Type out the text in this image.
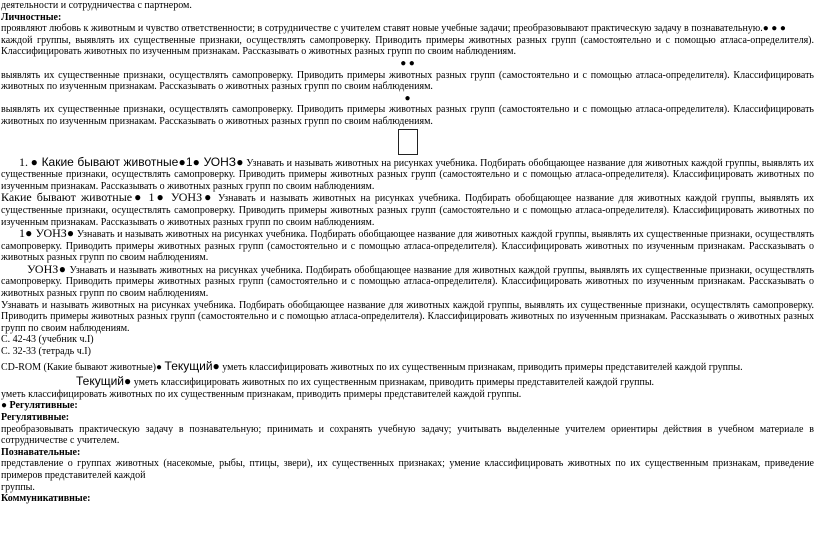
деятельности и сотрудничества с партнером.

Личностные:

проявляют любовь к животным и чувство ответственности; в сотрудничестве с учителем ставят новые учебные задачи; преобразовывают практическую задачу в познавательную.● ● ●

каждой группы, выявлять их существенные признаки, осуществлять самопроверку. Приводить примеры животных разных групп (самостоятельно и с помощью атласа-определителя). Классифицировать животных по изученным признакам. Рассказывать о животных разных групп по своим наблюдениям.

● ●

выявлять их существенные признаки, осуществлять самопроверку. Приводить примеры животных разных групп (самостоятельно и с помощью атласа-определителя). Классифицировать животных по изученным признакам. Рассказывать о животных разных групп по своим наблюдениям.

●

выявлять их существенные признаки, осуществлять самопроверку. Приводить примеры животных разных групп (самостоятельно и с помощью атласа-определителя). Классифицировать животных по изученным признакам. Рассказывать о животных разных групп по своим наблюдениям.

1. ● Какие бывают животные●1● УОНЗ● Узнавать и называть животных на рисунках учебника. Подбирать обобщающее название для животных каждой группы, выявлять их существенные признаки, осуществлять самопроверку. Приводить примеры животных разных групп (самостоятельно и с помощью атласа-определителя). Классифицировать животных по изученным признакам. Рассказывать о животных разных групп по своим наблюдениям.

Какие бывают животные● 1● УОНЗ● Узнавать и называть животных на рисунках учебника. Подбирать обобщающее название для животных каждой группы, выявлять их существенные признаки, осуществлять самопроверку. Приводить примеры животных разных групп (самостоятельно и с помощью атласа-определителя). Классифицировать животных по изученным признакам. Рассказывать о животных разных групп по своим наблюдениям.

1● УОНЗ● Узнавать и называть животных на рисунках учебника. Подбирать обобщающее название для животных каждой группы, выявлять их существенные признаки, осуществлять самопроверку. Приводить примеры животных разных групп (самостоятельно и с помощью атласа-определителя). Классифицировать животных по изученным признакам. Рассказывать о животных разных групп по своим наблюдениям.

УОНЗ● Узнавать и называть животных на рисунках учебника. Подбирать обобщающее название для животных каждой группы, выявлять их существенные признаки, осуществлять самопроверку. Приводить примеры животных разных групп (самостоятельно и с помощью атласа-определителя). Классифицировать животных по изученным признакам. Рассказывать о животных разных групп по своим наблюдениям.

Узнавать и называть животных на рисунках учебника. Подбирать обобщающее название для животных каждой группы, выявлять их существенные признаки, осуществлять самопроверку. Приводить примеры животных разных групп (самостоятельно и с помощью атласа-определителя). Классифицировать животных по изученным признакам. Рассказывать о животных разных групп по своим наблюдениям.

С. 42-43 (учебник ч.I)

С. 32-33 (тетрадь ч.I)

CD-ROM (Какие бывают животные)● Текущий● уметь классифицировать животных по их существенным признакам, приводить примеры представителей каждой группы.

Текущий● уметь классифицировать животных по их существенным признакам, приводить примеры представителей каждой группы.

уметь классифицировать животных по их существенным признакам, приводить примеры представителей каждой группы.

● Регулятивные:

Регулятивные:

преобразовывать практическую задачу в познавательную; принимать и сохранять учебную задачу; учитывать выделенные учителем ориентиры действия в учебном материале в сотрудничестве с учителем.

Познавательные:

представление о группах животных (насекомые, рыбы, птицы, звери), их существенных признаках; умение классифицировать животных по их существенным признакам, приведение примеров представителей каждой

группы.

Коммуникативные:
